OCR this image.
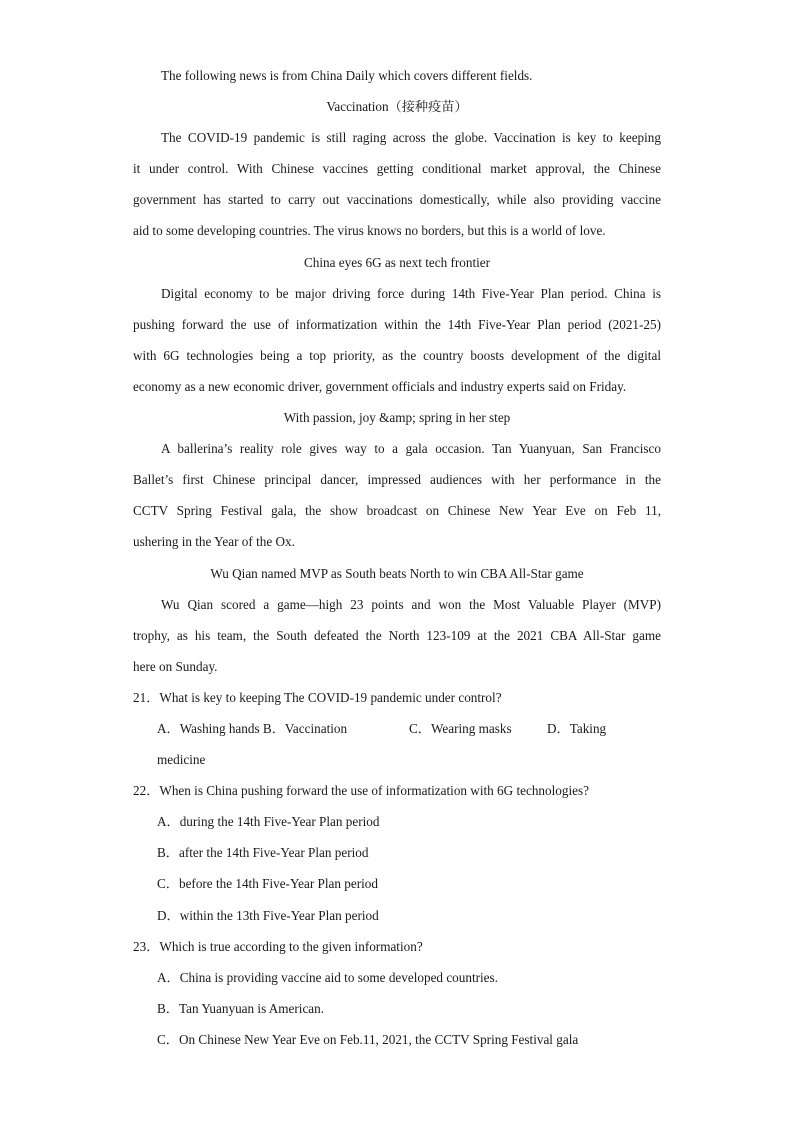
The following news is from China Daily which covers different fields.
Vaccination（接种疫苗）
The COVID-19 pandemic is still raging across the globe. Vaccination is key to keeping
it under control. With Chinese vaccines getting conditional market approval, the Chinese
government has started to carry out vaccinations domestically, while also providing vaccine
aid to some developing countries. The virus knows no borders, but this is a world of love.
China eyes 6G as next tech frontier
Digital economy to be major driving force during 14th Five-Year Plan period. China is
pushing forward the use of informatization within the 14th Five-Year Plan period (2021-25)
with 6G technologies being a top priority, as the country boosts development of the digital
economy as a new economic driver, government officials and industry experts said on Friday.
With passion, joy &amp; spring in her step
A ballerina’s reality role gives way to a gala occasion. Tan Yuanyuan, San Francisco
Ballet’s first Chinese principal dancer, impressed audiences with her performance in the
CCTV Spring Festival gala, the show broadcast on Chinese New Year Eve on Feb 11,
ushering in the Year of the Ox.
Wu Qian named MVP as South beats North to win CBA All-Star game
Wu Qian scored a game—high 23 points and won the Most Valuable Player (MVP)
trophy, as his team, the South defeated the North 123-109 at the 2021 CBA All-Star game
here on Sunday.
21．What is key to keeping The COVID-19 pandemic under control?
A．Washing hands B．Vaccination	C．Wearing masks	D．Taking
medicine
22．When is China pushing forward the use of informatization with 6G technologies?
A．during the 14th Five-Year Plan period
B．after the 14th Five-Year Plan period
C．before the 14th Five-Year Plan period
D．within the 13th Five-Year Plan period
23．Which is true according to the given information?
A．China is providing vaccine aid to some developed countries.
B．Tan Yuanyuan is American.
C．On Chinese New Year Eve on Feb.11, 2021, the CCTV Spring Festival gala
